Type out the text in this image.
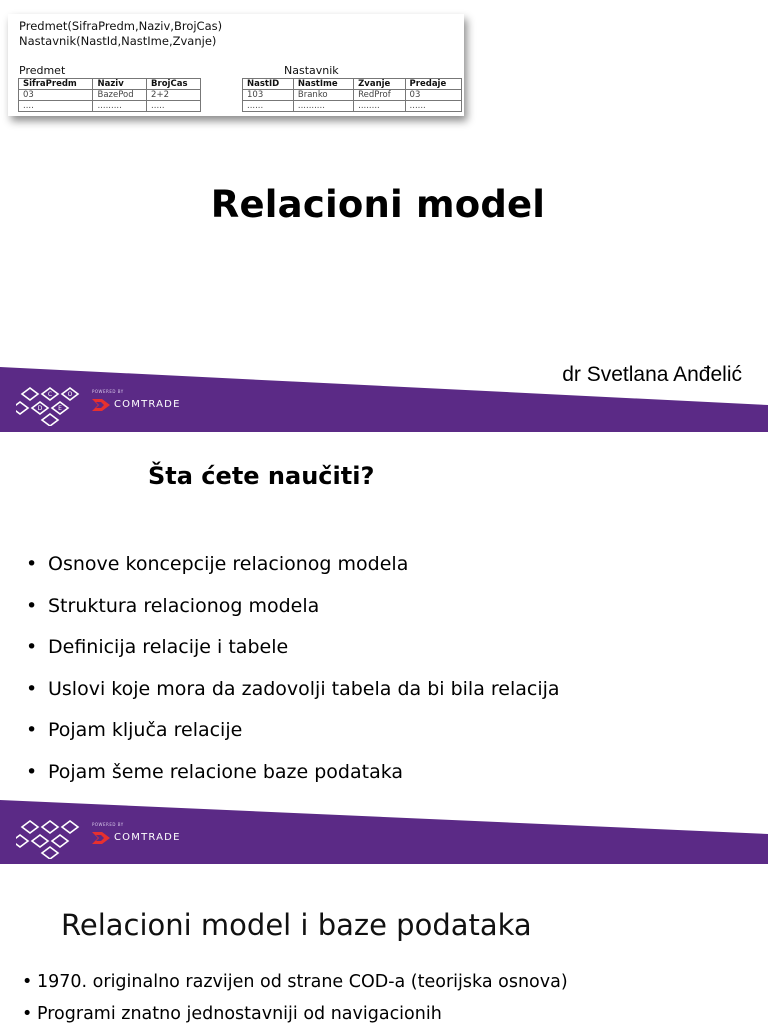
Predmet(SifraPredm,Naziv,BrojCas)
Nastavnik(NastId,NastIme,Zvanje)
Predmet
SifraPredm	Naziv	BrojCas
03	BazePod	2+2
....	.........	.....
Nastavnik
NastID	NastIme	Zvanje	Predaje
103	Branko	RedProf	03
......	..........	........	......
Relacioni model
dr Svetlana Anđelić
C	O
D	E
POWERED BY
COMTRADE
Šta ćete naučiti?
• Osnove koncepcije relacionog modela
• Struktura relacionog modela
• Definicija relacije i tabele
• Uslovi koje mora da zadovolji tabela da bi bila relacija
• Pojam ključa relacije
• Pojam šeme relacione baze podataka
POWERED BY
COMTRADE
Relacioni model i baze podataka
• 1970. originalno razvijen od strane COD-a (teorijska osnova)
• Programi znatno jednostavniji od navigacionih
